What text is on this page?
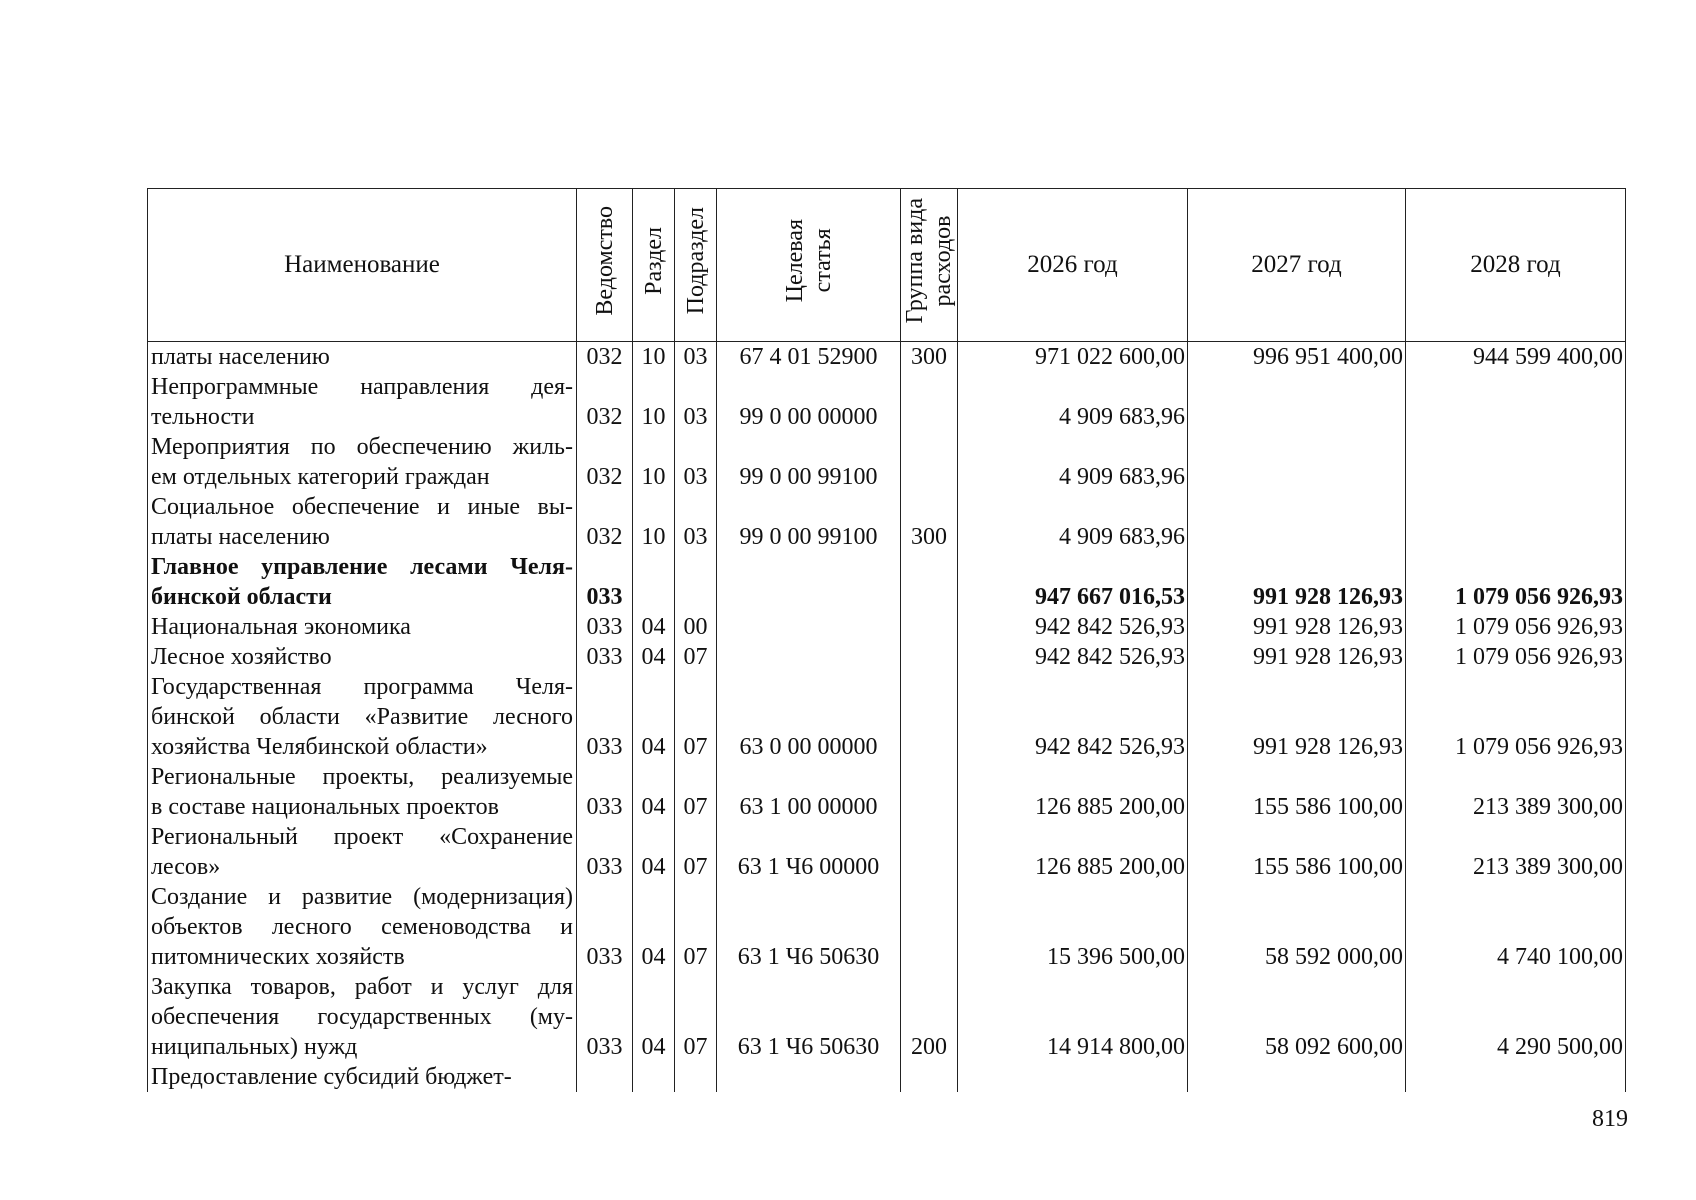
Наименование	Ведомство	Раздел	Подраздел	Целевая статья	Группа вида расходов	2026 год	2027 год	2028 год

платы населению	032	10	03	67 4 01 52900	300	971 022 600,00	996 951 400,00	944 599 400,00

Непрограммные направления дея-
тельности	032	10	03	99 0 00 00000		4 909 683,96		

Мероприятия по обеспечению жиль-
ем отдельных категорий граждан	032	10	03	99 0 00 99100		4 909 683,96		

Социальное обеспечение и иные вы-
платы населению	032	10	03	99 0 00 99100	300	4 909 683,96		

Главное управление лесами Челя-
бинской области	033					947 667 016,53	991 928 126,93	1 079 056 926,93

Национальная экономика	033	04	00			942 842 526,93	991 928 126,93	1 079 056 926,93

Лесное хозяйство	033	04	07			942 842 526,93	991 928 126,93	1 079 056 926,93

Государственная программа Челя-
бинской области «Развитие лесного
хозяйства Челябинской области»	033	04	07	63 0 00 00000		942 842 526,93	991 928 126,93	1 079 056 926,93

Региональные проекты, реализуемые
в составе национальных проектов	033	04	07	63 1 00 00000		126 885 200,00	155 586 100,00	213 389 300,00

Региональный проект «Сохранение
лесов»	033	04	07	63 1 Ч6 00000		126 885 200,00	155 586 100,00	213 389 300,00

Создание и развитие (модернизация)
объектов лесного семеноводства и
питомнических хозяйств	033	04	07	63 1 Ч6 50630		15 396 500,00	58 592 000,00	4 740 100,00

Закупка товаров, работ и услуг для
обеспечения государственных (му-
ниципальных) нужд	033	04	07	63 1 Ч6 50630	200	14 914 800,00	58 092 600,00	4 290 500,00

Предоставление субсидий бюджет-								

819
